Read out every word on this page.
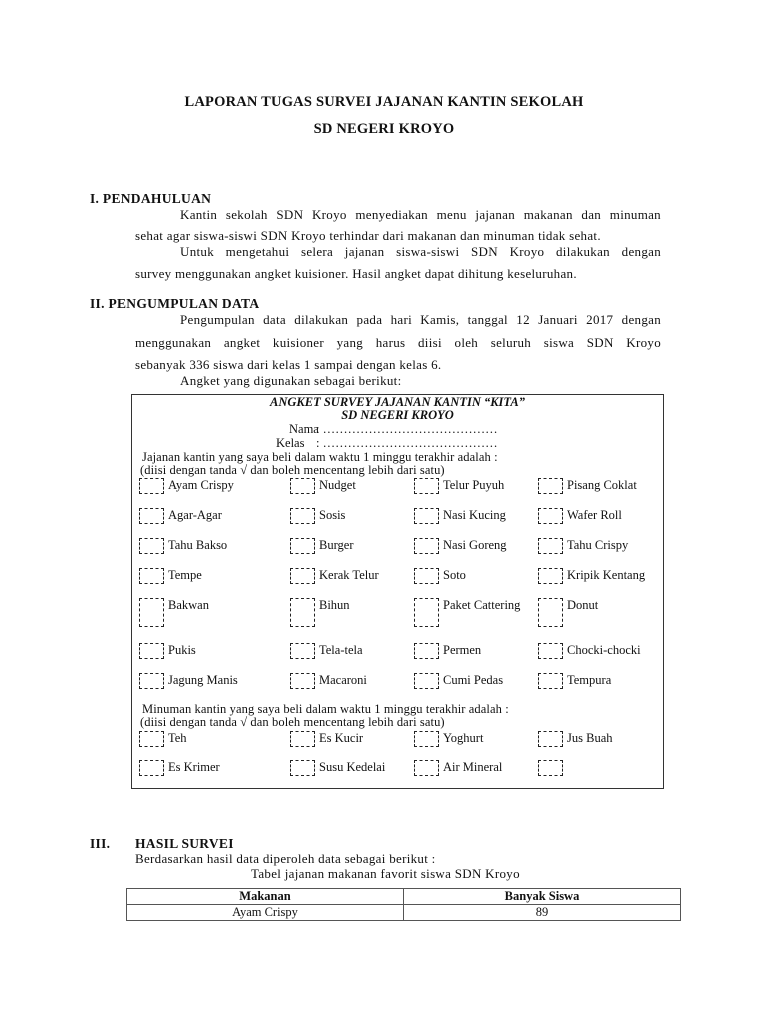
LAPORAN TUGAS SURVEI JAJANAN KANTIN SEKOLAH
SD NEGERI KROYO
I. PENDAHULUAN
Kantin sekolah SDN Kroyo menyediakan menu jajanan makanan dan minuman
sehat agar siswa-siswi SDN Kroyo terhindar dari makanan dan minuman tidak sehat.
Untuk mengetahui selera jajanan siswa-siswi SDN Kroyo dilakukan dengan
survey menggunakan angket kuisioner. Hasil angket dapat dihitung keseluruhan.
II. PENGUMPULAN DATA
Pengumpulan data dilakukan pada hari Kamis, tanggal 12 Januari 2017 dengan
menggunakan angket kuisioner yang harus diisi oleh seluruh siswa SDN Kroyo
sebanyak 336 siswa dari kelas 1 sampai dengan kelas 6.
Angket yang digunakan sebagai berikut:
ANGKET SURVEY JAJANAN KANTIN “KITA”
SD NEGERI KROYO
Nama
: ……………………………………
Kelas : ……………………………………
Jajanan kantin yang saya beli dalam waktu 1 minggu terakhir adalah :
(diisi dengan tanda √ dan boleh mencentang lebih dari satu)
Ayam Crispy	Nudget	Telur Puyuh	Pisang Coklat
Agar-Agar	Sosis	Nasi Kucing	Wafer Roll
Tahu Bakso	Burger	Nasi Goreng	Tahu Crispy
Tempe	Kerak Telur	Soto	Kripik Kentang
Bakwan	Bihun	Paket Cattering	Donut
Pukis	Tela-tela	Permen	Chocki-chocki
Jagung Manis	Macaroni	Cumi Pedas	Tempura
Minuman kantin yang saya beli dalam waktu 1 minggu terakhir adalah :
(diisi dengan tanda √ dan boleh mencentang lebih dari satu)
Teh	Es Kucir	Yoghurt	Jus Buah
Es Krimer	Susu Kedelai	Air Mineral
III. HASIL SURVEI
Berdasarkan hasil data diperoleh data sebagai berikut :
Tabel jajanan makanan favorit siswa SDN Kroyo
Makanan	Banyak Siswa
Ayam Crispy	89
